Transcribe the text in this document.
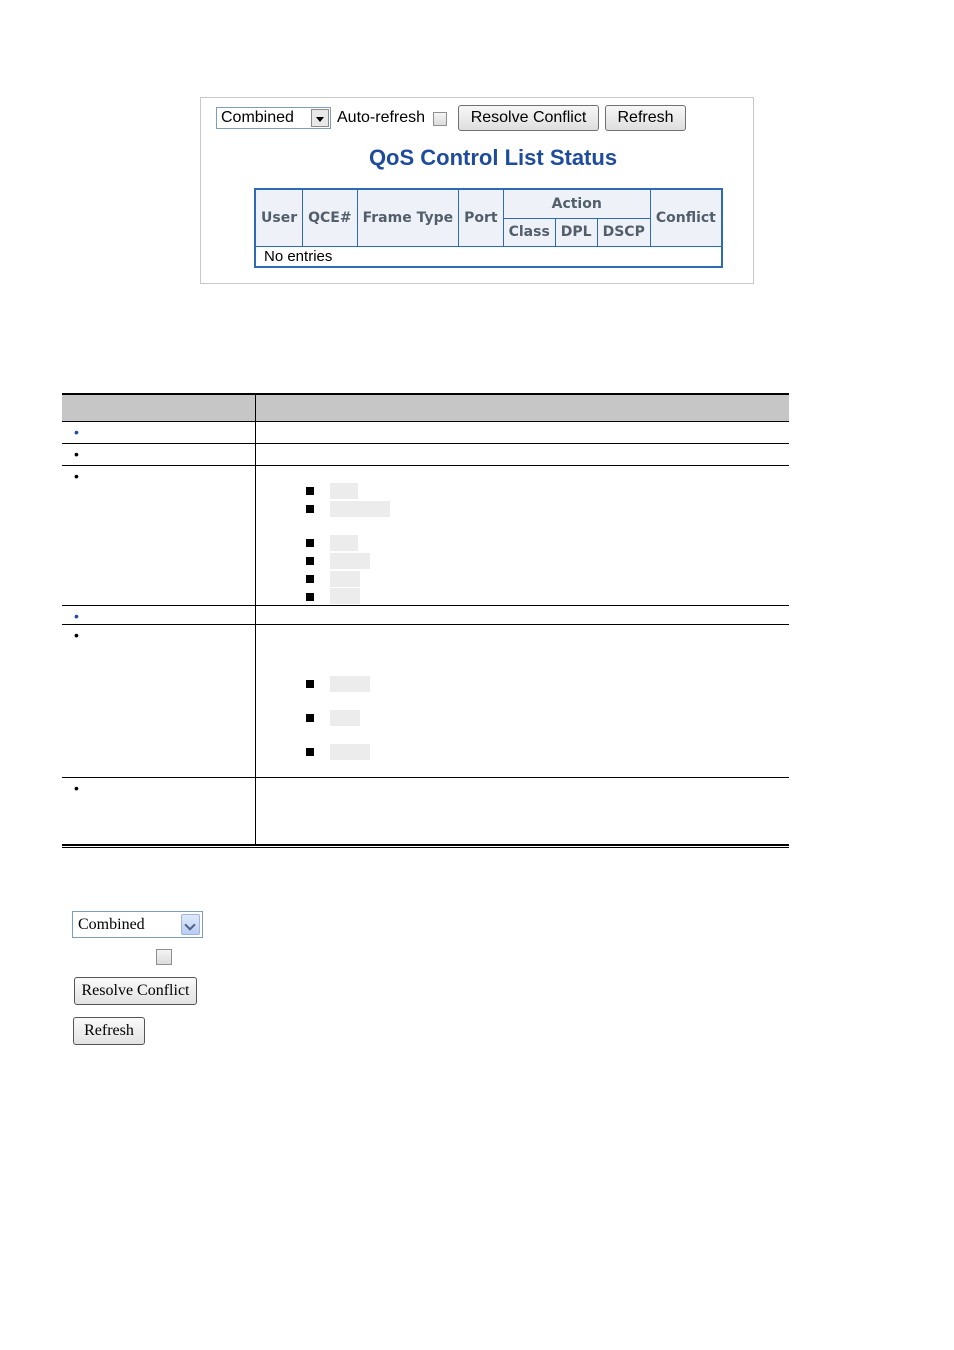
Combined	Auto-refresh	Resolve Conflict	Refresh
QoS Control List Status
User	QCE#	Frame Type	Port	Action			Conflict
				Class	DPL	DSCP	
No entries							
•
•
•
•
•
•
Combined
Resolve Conflict
Refresh
